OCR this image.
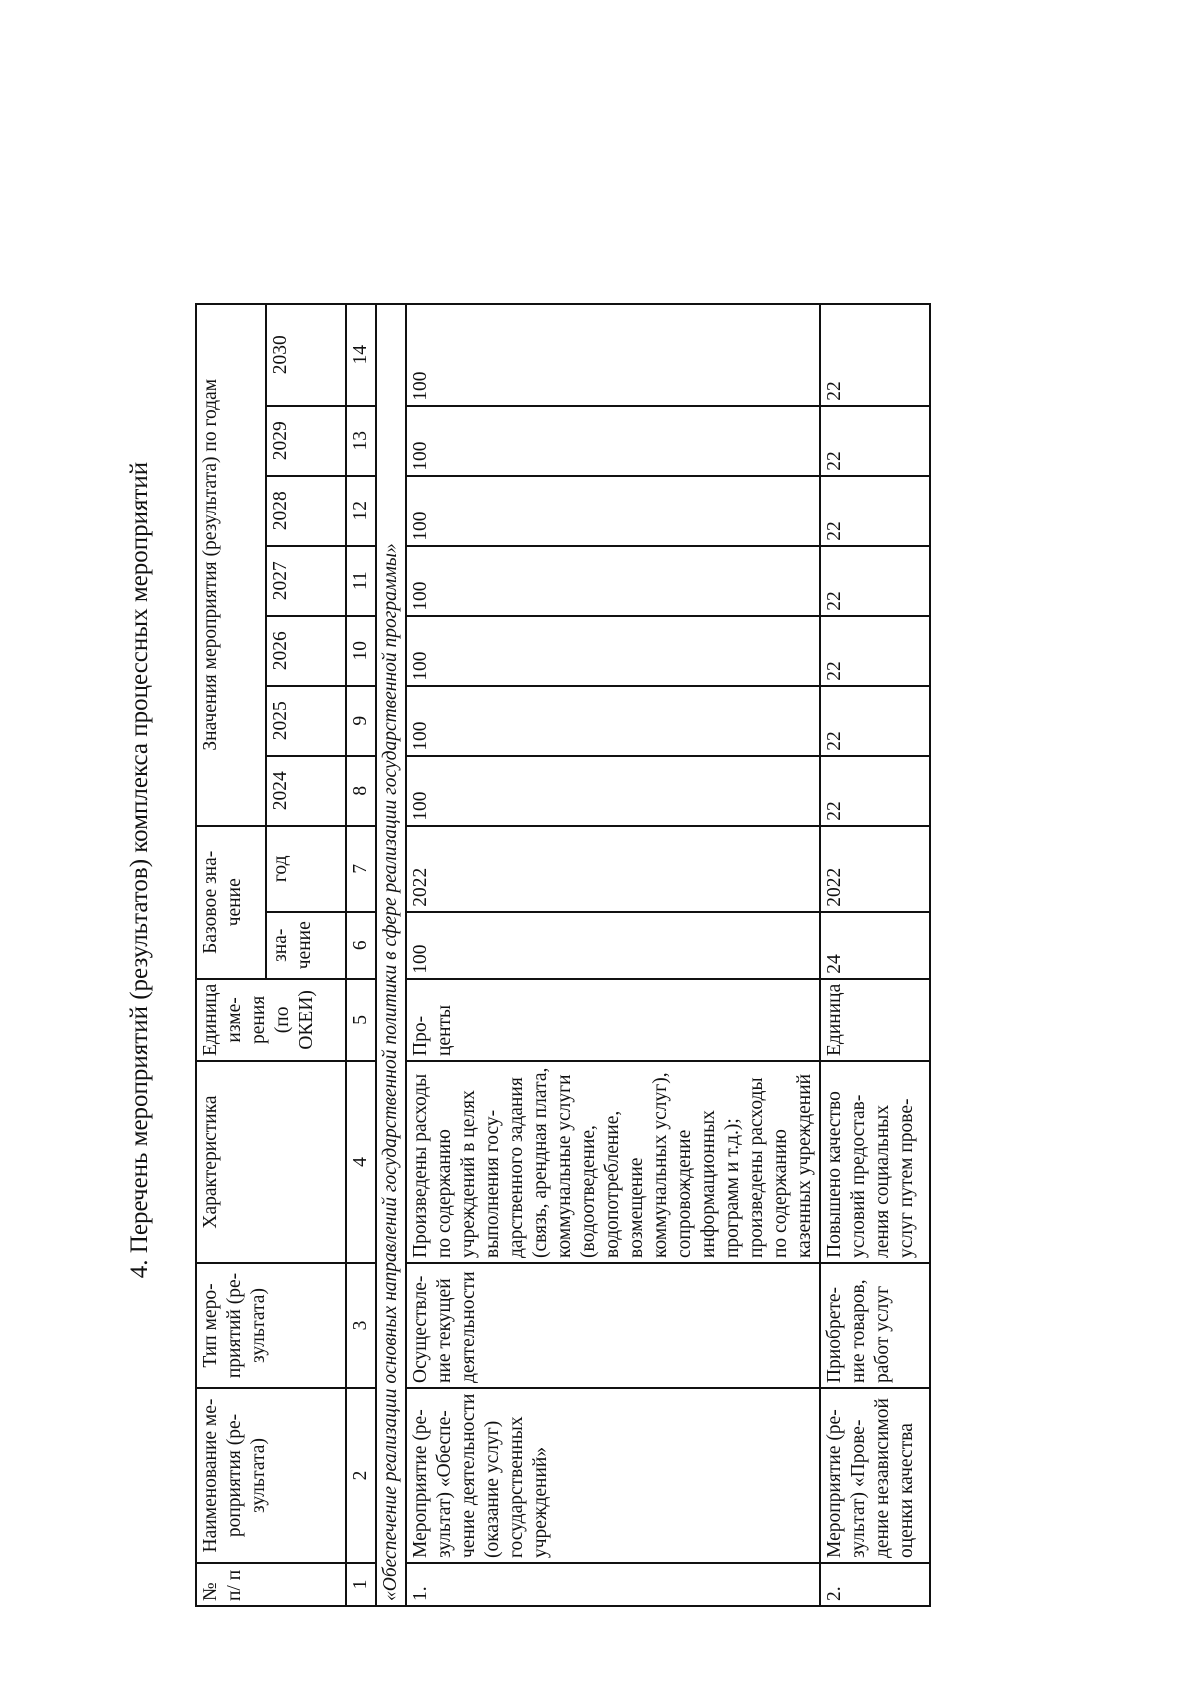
4. Перечень мероприятий (результатов) комплекса процессных мероприятий
№ п/ п	Наименование мероприятия (результата)	Тип мероприятий (результата)	Характеристика	Единица измерения (по ОКЕИ)	Базовое значение		Значения мероприятия (результата) по годам						
					значение	год	2024	2025	2026	2027	2028	2029	2030
1	2	3	4	5	6	7	8	9	10	11	12	13	14
«Обеспечение реализации основных направлений государственной политики в сфере реализации государственной программы»													
1.	Мероприятие (результат) «Обеспечение деятельности (оказание услуг) государственных учреждений»	Осуществление текущей деятельности	Произведены расходы по содержанию учреждений в целях выполнения государственного задания (связь, арендная плата, коммунальные услуги (водоотведение, водопотребление, возмещение коммунальных услуг), сопровождение информационных программ и т.д.); произведены расходы по содержанию казенных учреждений	Проценты	100	2022	100	100	100	100	100	100	100
2.	Мероприятие (результат) «Проведение независимой оценки качества	Приобретение товаров, работ услуг	Повышено качество условий предоставления социальных услуг путем прове-	Единица	24	2022	22	22	22	22	22	22	22
